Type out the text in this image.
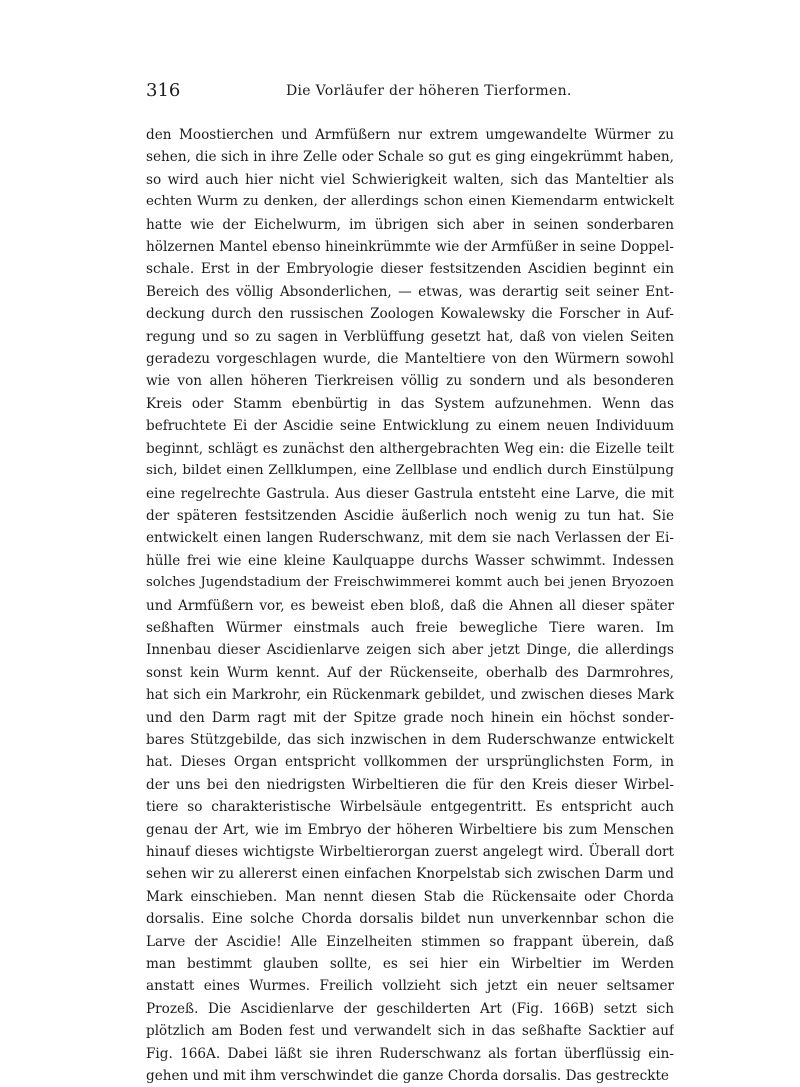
316	Die Vorläufer der höheren Tierformen.
den Moostierchen und Armfüßern nur extrem umgewandelte Würmer zu
sehen, die sich in ihre Zelle oder Schale so gut es ging eingekrümmt haben,
so wird auch hier nicht viel Schwierigkeit walten, sich das Manteltier als
echten Wurm zu denken, der allerdings schon einen Kiemendarm entwickelt
hatte wie der Eichelwurm, im übrigen sich aber in seinen sonderbaren
hölzernen Mantel ebenso hineinkrümmte wie der Armfüßer in seine Doppel-
schale. Erst in der Embryologie dieser festsitzenden Ascidien beginnt ein
Bereich des völlig Absonderlichen, — etwas, was derartig seit seiner Ent-
deckung durch den russischen Zoologen Kowalewsky die Forscher in Auf-
regung und so zu sagen in Verblüffung gesetzt hat, daß von vielen Seiten
geradezu vorgeschlagen wurde, die Manteltiere von den Würmern sowohl
wie von allen höheren Tierkreisen völlig zu sondern und als besonderen
Kreis oder Stamm ebenbürtig in das System aufzunehmen. Wenn das
befruchtete Ei der Ascidie seine Entwicklung zu einem neuen Individuum
beginnt, schlägt es zunächst den althergebrachten Weg ein: die Eizelle teilt
sich, bildet einen Zellklumpen, eine Zellblase und endlich durch Einstülpung
eine regelrechte Gastrula. Aus dieser Gastrula entsteht eine Larve, die mit
der späteren festsitzenden Ascidie äußerlich noch wenig zu tun hat. Sie
entwickelt einen langen Ruderschwanz, mit dem sie nach Verlassen der Ei-
hülle frei wie eine kleine Kaulquappe durchs Wasser schwimmt. Indessen
solches Jugendstadium der Freischwimmerei kommt auch bei jenen Bryozoen
und Armfüßern vor, es beweist eben bloß, daß die Ahnen all dieser später
seßhaften Würmer einstmals auch freie bewegliche Tiere waren. Im
Innenbau dieser Ascidienlarve zeigen sich aber jetzt Dinge, die allerdings
sonst kein Wurm kennt. Auf der Rückenseite, oberhalb des Darmrohres,
hat sich ein Markrohr, ein Rückenmark gebildet, und zwischen dieses Mark
und den Darm ragt mit der Spitze grade noch hinein ein höchst sonder-
bares Stützgebilde, das sich inzwischen in dem Ruderschwanze entwickelt
hat. Dieses Organ entspricht vollkommen der ursprünglichsten Form, in
der uns bei den niedrigsten Wirbeltieren die für den Kreis dieser Wirbel-
tiere so charakteristische Wirbelsäule entgegentritt. Es entspricht auch
genau der Art, wie im Embryo der höheren Wirbeltiere bis zum Menschen
hinauf dieses wichtigste Wirbeltierorgan zuerst angelegt wird. Überall dort
sehen wir zu allererst einen einfachen Knorpelstab sich zwischen Darm und
Mark einschieben. Man nennt diesen Stab die Rückensaite oder Chorda
dorsalis. Eine solche Chorda dorsalis bildet nun unverkennbar schon die
Larve der Ascidie! Alle Einzelheiten stimmen so frappant überein, daß
man bestimmt glauben sollte, es sei hier ein Wirbeltier im Werden
anstatt eines Wurmes. Freilich vollzieht sich jetzt ein neuer seltsamer
Prozeß. Die Ascidienlarve der geschilderten Art (Fig. 166B) setzt sich
plötzlich am Boden fest und verwandelt sich in das seßhafte Sacktier auf
Fig. 166A. Dabei läßt sie ihren Ruderschwanz als fortan überflüssig ein-
gehen und mit ihm verschwindet die ganze Chorda dorsalis. Das gestreckte
